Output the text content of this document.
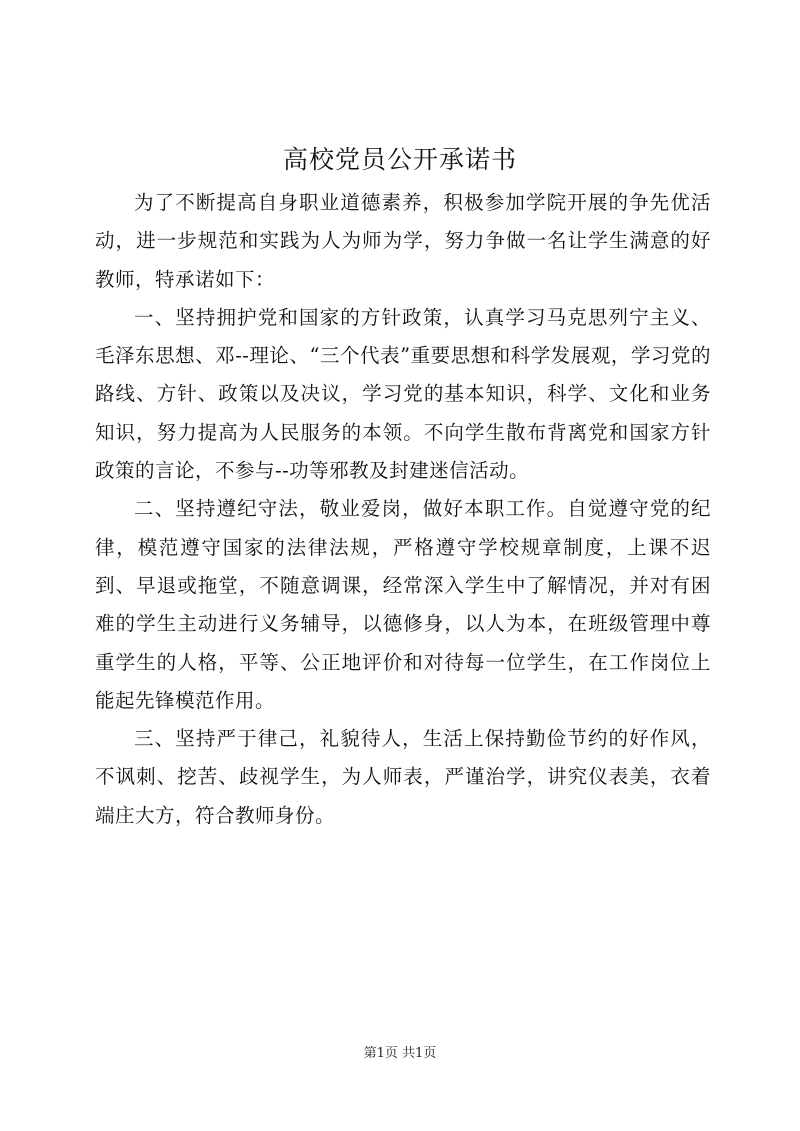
高校党员公开承诺书

为了不断提高自身职业道德素养，积极参加学院开展的争先优活动，进一步规范和实践为人为师为学，努力争做一名让学生满意的好教师，特承诺如下：

一、坚持拥护党和国家的方针政策，认真学习马克思列宁主义、毛泽东思想、邓--理论、“三个代表”重要思想和科学发展观，学习党的路线、方针、政策以及决议，学习党的基本知识，科学、文化和业务知识，努力提高为人民服务的本领。不向学生散布背离党和国家方针政策的言论，不参与--功等邪教及封建迷信活动。

二、坚持遵纪守法，敬业爱岗，做好本职工作。自觉遵守党的纪律，模范遵守国家的法律法规，严格遵守学校规章制度，上课不迟到、早退或拖堂，不随意调课，经常深入学生中了解情况，并对有困难的学生主动进行义务辅导，以德修身，以人为本，在班级管理中尊重学生的人格，平等、公正地评价和对待每一位学生，在工作岗位上能起先锋模范作用。

三、坚持严于律己，礼貌待人，生活上保持勤俭节约的好作风，不讽刺、挖苦、歧视学生，为人师表，严谨治学，讲究仪表美，衣着端庄大方，符合教师身份。

第1页 共1页
